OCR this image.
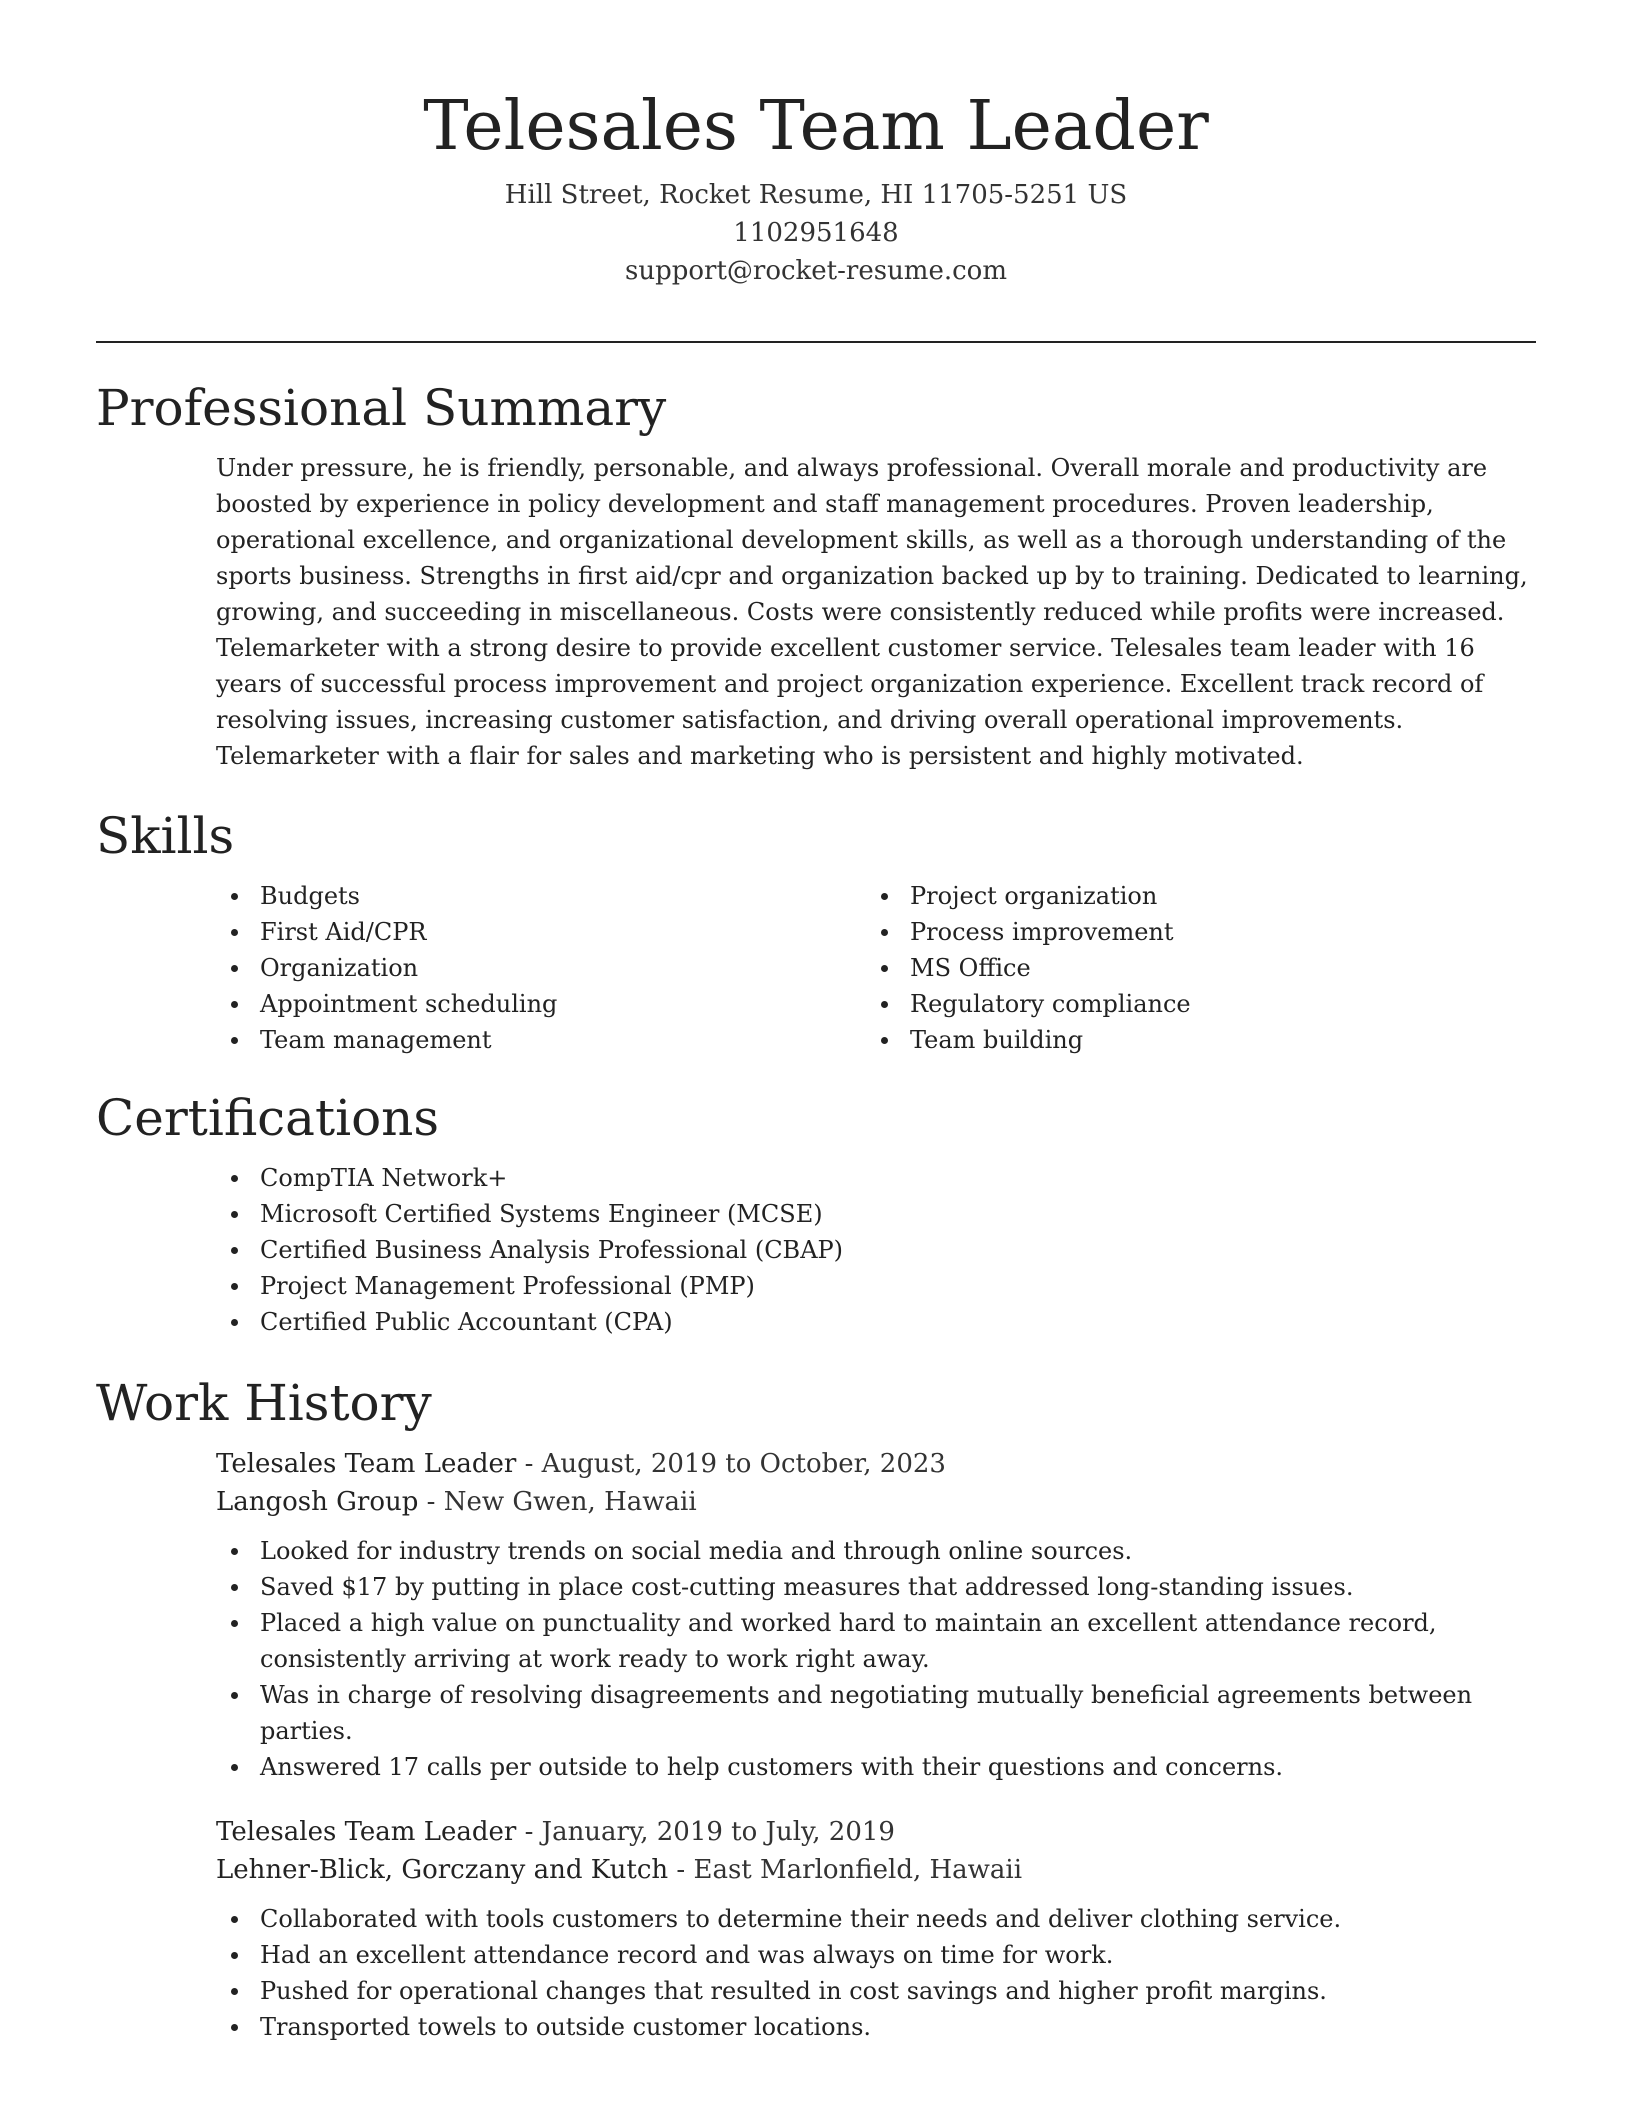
Telesales Team Leader
Hill Street, Rocket Resume, HI 11705-5251 US
1102951648
support@rocket-resume.com
Professional Summary

Under pressure, he is friendly, personable, and always professional. Overall morale and productivity are boosted by experience in policy development and staff management procedures. Proven leadership, operational excellence, and organizational development skills, as well as a thorough understanding of the sports business. Strengths in first aid/cpr and organization backed up by to training. Dedicated to learning, growing, and succeeding in miscellaneous. Costs were consistently reduced while profits were increased. Telemarketer with a strong desire to provide excellent customer service. Telesales team leader with 16 years of successful process improvement and project organization experience. Excellent track record of resolving issues, increasing customer satisfaction, and driving overall operational improvements. Telemarketer with a flair for sales and marketing who is persistent and highly motivated.

Skills
Budgets
First Aid/CPR
Organization
Appointment scheduling
Team management
Project organization
Process improvement
MS Office
Regulatory compliance
Team building
Certifications
CompTIA Network+
Microsoft Certified Systems Engineer (MCSE)
Certified Business Analysis Professional (CBAP)
Project Management Professional (PMP)
Certified Public Accountant (CPA)
Work History
Telesales Team Leader - August, 2019 to October, 2023
Langosh Group - New Gwen, Hawaii
Looked for industry trends on social media and through online sources.
Saved $17 by putting in place cost-cutting measures that addressed long-standing issues.
Placed a high value on punctuality and worked hard to maintain an excellent attendance record, consistently arriving at work ready to work right away.
Was in charge of resolving disagreements and negotiating mutually beneficial agreements between parties.
Answered 17 calls per outside to help customers with their questions and concerns.
Telesales Team Leader - January, 2019 to July, 2019
Lehner-Blick, Gorczany and Kutch - East Marlonfield, Hawaii
Collaborated with tools customers to determine their needs and deliver clothing service.
Had an excellent attendance record and was always on time for work.
Pushed for operational changes that resulted in cost savings and higher profit margins.
Transported towels to outside customer locations.
